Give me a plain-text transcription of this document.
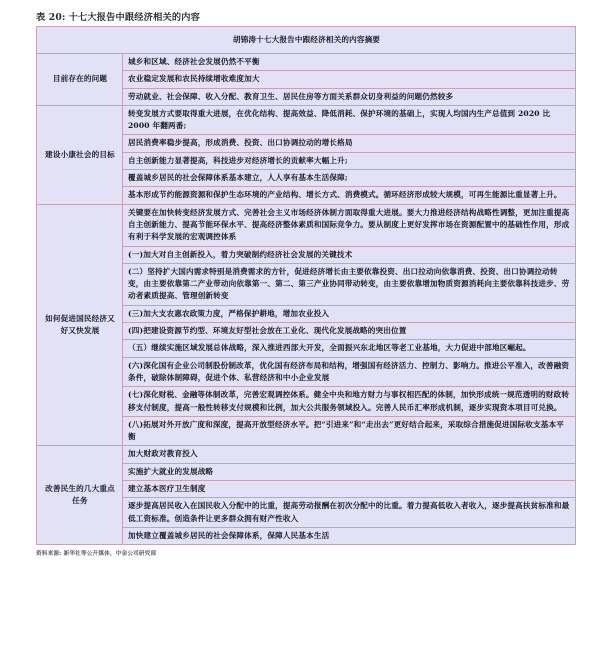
表 20: 十七大报告中跟经济相关的内容
胡锦涛十七大报告中跟经济相关的内容摘要	
目前存在的问题	城乡和区域、经济社会发展仍然不平衡
	农业稳定发展和农民持续增收难度加大
	劳动就业、社会保障、收入分配、教育卫生、居民住房等方面关系群众切身利益的问题仍然较多
建设小康社会的目标	转变发展方式要取得重大进展，在优化结构、提高效益、降低消耗、保护环境的基础上，实现人均国内生产总值到 2020 比 2000 年翻两番;
	居民消费率稳步提高，形成消费、投资、出口协调拉动的增长格局
	自主创新能力显著提高，科技进步对经济增长的贡献率大幅上升;
	覆盖城乡居民的社会保障体系基本建立，人人享有基本生活保障;
	基本形成节约能源资源和保护生态环境的产业结构、增长方式、消费模式。循环经济形成较大规模，可再生能源比重显著上升。
如何促进国民经济又好又快发展	关键要在加快转变经济发展方式、完善社会主义市场经济体制方面取得重大进展。要大力推进经济结构战略性调整，更加注重提高自主创新能力、提高节能环保水平、提高经济整体素质和国际竞争力。要从制度上更好发挥市场在资源配置中的基础性作用，形成有利于科学发展的宏观调控体系
	(一)加大对自主创新投入，着力突破制约经济社会发展的关键技术
	(二）坚持扩大国内需求特别是消费需求的方针，促进经济增长由主要依靠投资、出口拉动向依靠消费、投资、出口协调拉动转变，由主要依靠第二产业带动向依靠第一、第二、第三产业协同带动转变，由主要依靠增加物质资源消耗向主要依靠科技进步、劳动者素质提高、管理创新转变
	(三)加大支农惠农政策力度，严格保护耕地，增加农业投入
	(四)把建设资源节约型、环境友好型社会放在工业化、现代化发展战略的突出位置
	（五）继续实施区域发展总体战略，深入推进西部大开发，全面振兴东北地区等老工业基地，大力促进中部地区崛起。
	(六)深化国有企业公司制股份制改革，优化国有经济布局和结构，增强国有经济活力、控制力、影响力。推进公平准入，改善融资条件，破除体制障碍，促进个体、私营经济和中小企业发展
	(七)深化财税、金融等体制改革，完善宏观调控体系。健全中央和地方财力与事权相匹配的体制，加快形成统一规范透明的财政转移支付制度，提高一般性转移支付规模和比例，加大公共服务领域投入。完善人民币汇率形成机制，逐步实现资本项目可兑换。
	(八)拓展对外开放广度和深度，提高开放型经济水平。把“引进来”和“走出去”更好结合起来，采取综合措施促进国际收支基本平衡
改善民生的几大重点任务	加大财政对教育投入
	实施扩大就业的发展战略
	建立基本医疗卫生制度
	逐步提高居民收入在国民收入分配中的比重，提高劳动报酬在初次分配中的比重。着力提高低收入者收入，逐步提高扶贫标准和最低工资标准。创造条件让更多群众拥有财产性收入
	加快建立覆盖城乡居民的社会保障体系，保障人民基本生活
资料来源: 新华社等公开媒体，中金公司研究部
